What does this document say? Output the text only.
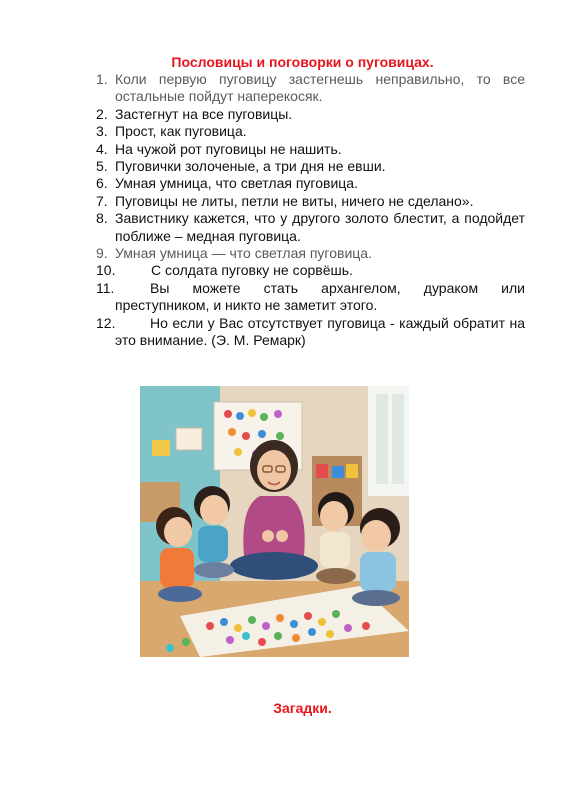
Пословицы и поговорки о пуговицах.
1. Коли первую пуговицу застегнешь неправильно, то все остальные пойдут наперекосяк.
2. Застегнут на все пуговицы.
3. Прост, как пуговица.
4. На чужой рот пуговицы не нашить.
5. Пуговички золоченые, а три дня не евши.
6. Умная умница, что светлая пуговица.
7. Пуговицы не литы, петли не виты, ничего не сделано».
8. Завистнику кажется, что у другого золото блестит, а подойдет поближе – медная пуговица.
9. Умная умница — что светлая пуговица.
10.	С солдата пуговку не сорвёшь.
11.	Вы можете стать архангелом, дураком или преступником, и никто не заметит этого.
12.	Но если у Вас отсутствует пуговица - каждый обратит на это внимание. (Э. М. Ремарк)
Загадки.
